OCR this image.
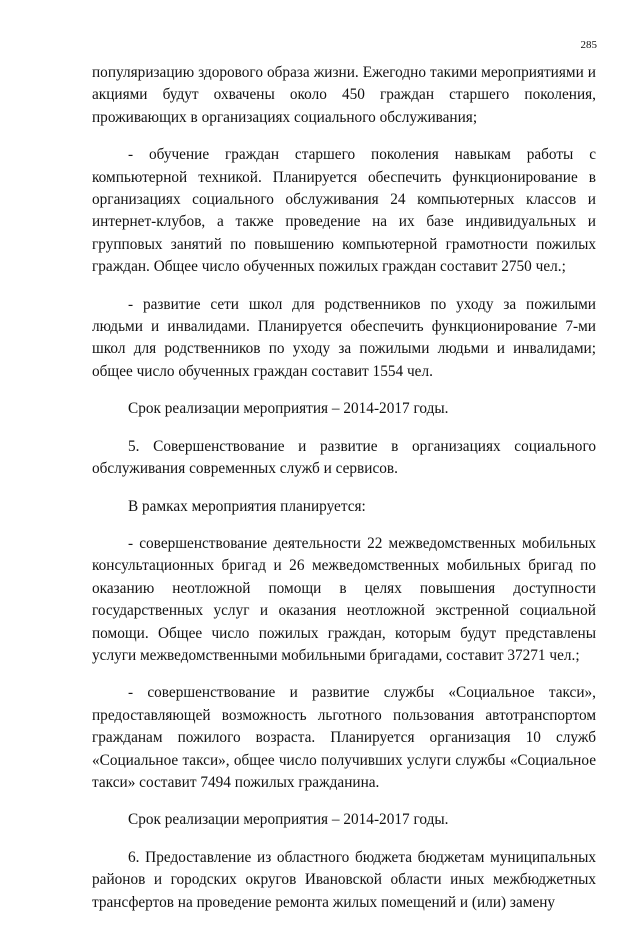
285

популяризацию здорового образа жизни. Ежегодно такими мероприятиями и акциями будут охвачены около 450 граждан старшего поколения, проживающих в организациях социального обслуживания;

- обучение граждан старшего поколения навыкам работы с компьютерной техникой. Планируется обеспечить функционирование в организациях социального обслуживания 24 компьютерных классов и интернет-клубов, а также проведение на их базе индивидуальных и групповых занятий по повышению компьютерной грамотности пожилых граждан. Общее число обученных пожилых граждан составит 2750 чел.;

- развитие сети школ для родственников по уходу за пожилыми людьми и инвалидами. Планируется обеспечить функционирование 7-ми школ для родственников по уходу за пожилыми людьми и инвалидами; общее число обученных граждан составит 1554 чел.

Срок реализации мероприятия – 2014-2017 годы.

5. Совершенствование и развитие в организациях социального обслуживания современных служб и сервисов.

В рамках мероприятия планируется:

- совершенствование деятельности 22 межведомственных мобильных консультационных бригад и 26 межведомственных мобильных бригад по оказанию неотложной помощи в целях повышения доступности государственных услуг и оказания неотложной экстренной социальной помощи. Общее число пожилых граждан, которым будут представлены услуги межведомственными мобильными бригадами, составит 37271 чел.;

- совершенствование и развитие службы «Социальное такси», предоставляющей возможность льготного пользования автотранспортом гражданам пожилого возраста. Планируется организация 10 служб «Социальное такси», общее число получивших услуги службы «Социальное такси» составит 7494 пожилых гражданина.

Срок реализации мероприятия – 2014-2017 годы.

6. Предоставление из областного бюджета бюджетам муниципальных районов и городских округов Ивановской области иных межбюджетных трансфертов на проведение ремонта жилых помещений и (или) замену
